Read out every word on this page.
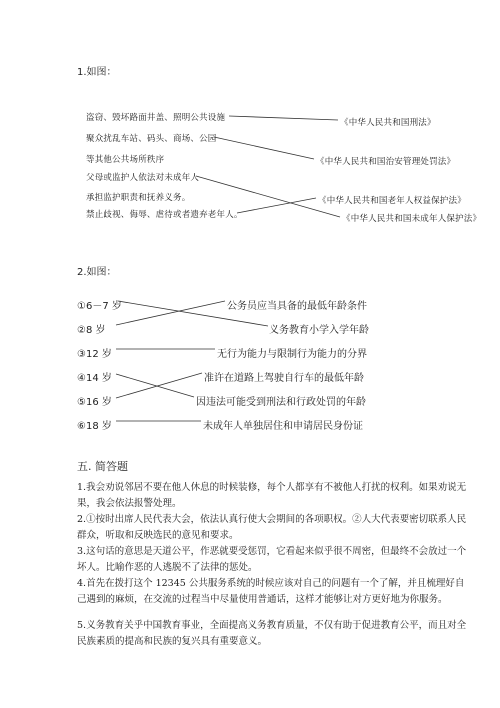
1.如图：
盗窃、毁坏路面井盖、照明公共设施
聚众扰乱车站、码头、商场、公园
等其他公共场所秩序
父母或监护人依法对未成年人
承担监护职责和抚养义务。
禁止歧视、侮辱、虐待或者遗弃老年人。
《中华人民共和国刑法》
《中华人民共和国治安管理处罚法》
《中华人民共和国老年人权益保护法》
《中华人民共和国未成年人保护法》
2.如图：
①6－7 岁
②8 岁
③12 岁
④14 岁
⑤16 岁
⑥18 岁
公务员应当具备的最低年龄条件
义务教育小学入学年龄
无行为能力与限制行为能力的分界
准许在道路上驾驶自行车的最低年龄
因违法可能受到刑法和行政处罚的年龄
未成年人单独居住和申请居民身份证
五. 简答题
1.我会劝说邻居不要在他人休息的时候装修，每个人都享有不被他人打扰的权利。如果劝说无果，我会依法报警处理。
2.①按时出席人民代表大会，依法认真行使大会期间的各项职权。②人大代表要密切联系人民群众，听取和反映选民的意见和要求。
3.这句话的意思是天道公平，作恶就要受惩罚，它看起来似乎很不周密，但最终不会放过一个坏人。比喻作恶的人逃脱不了法律的惩处。
4.首先在拨打这个 12345 公共服务系统的时候应该对自己的问题有一个了解，并且梳理好自己遇到的麻烦，在交流的过程当中尽量使用普通话，这样才能够让对方更好地为你服务。
5.义务教育关乎中国教育事业，全面提高义务教育质量，不仅有助于促进教育公平，而且对全民族素质的提高和民族的复兴具有重要意义。
